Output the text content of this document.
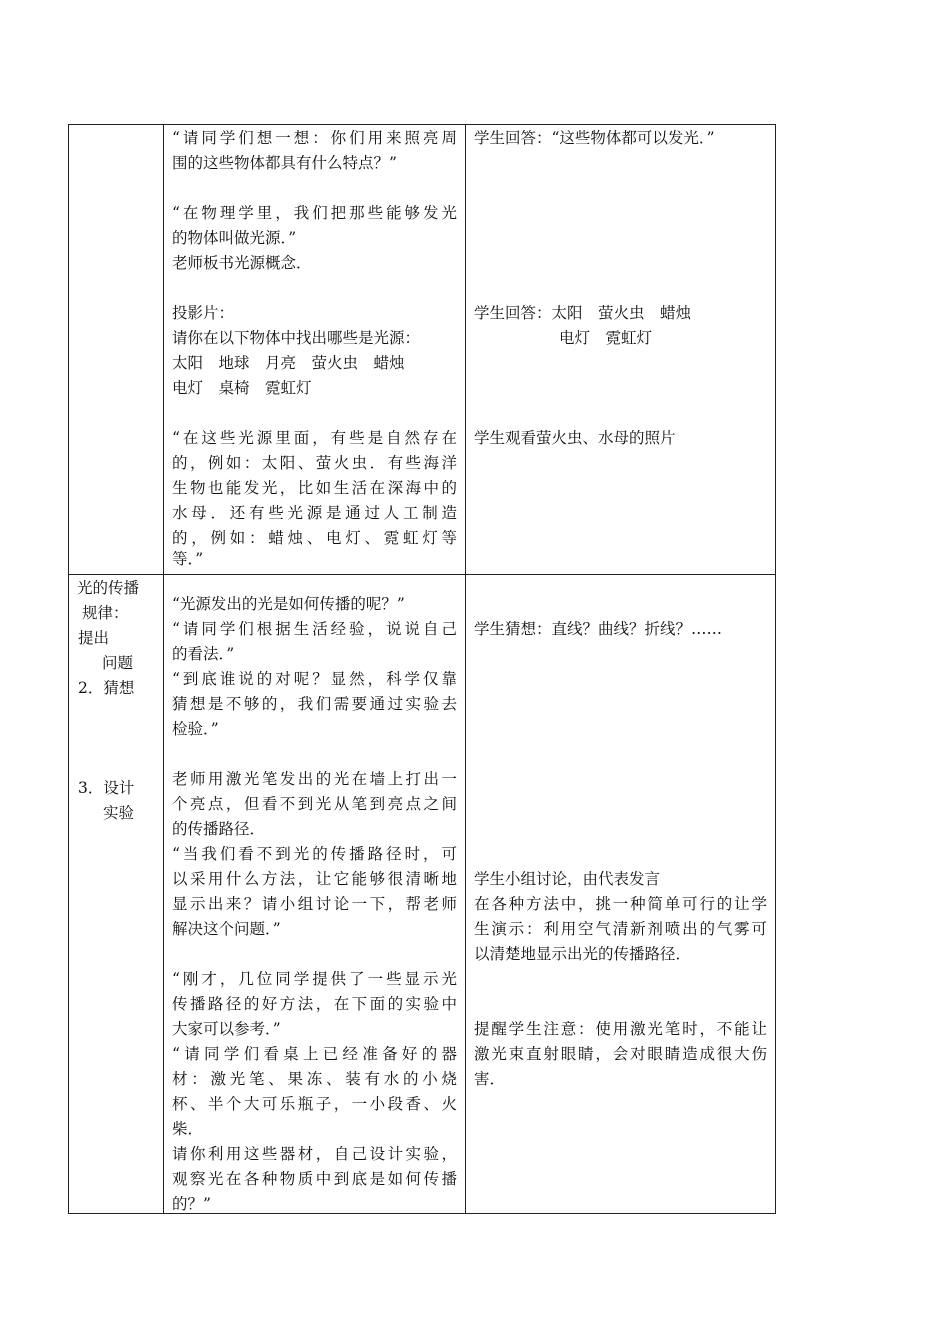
“请同学们想一想：你们用来照亮周
围的这些物体都具有什么特点？”
“在物理学里，我们把那些能够发光
的物体叫做光源．”
老师板书光源概念．
投影片：
请你在以下物体中找出哪些是光源：
太阳　地球　月亮　萤火虫　蜡烛
电灯　桌椅　霓虹灯
“在这些光源里面，有些是自然存在
的，例如：太阳、萤火虫．有些海洋
生物也能发光，比如生活在深海中的
水母．还有些光源是通过人工制造
的，例如：蜡烛、电灯、霓虹灯等
等．”
学生回答：“这些物体都可以发光．”
学生回答：太阳　萤火虫　蜡烛
电灯　霓虹灯
学生观看萤火虫、水母的照片
光的传播
规律：
提出
问题
2．猜想
3．设计
实验
“光源发出的光是如何传播的呢？”
“请同学们根据生活经验，说说自己
的看法．”
“到底谁说的对呢？显然，科学仅靠
猜想是不够的，我们需要通过实验去
检验．”
老师用激光笔发出的光在墙上打出一
个亮点，但看不到光从笔到亮点之间
的传播路径．
“当我们看不到光的传播路径时，可
以采用什么方法，让它能够很清晰地
显示出来？请小组讨论一下，帮老师
解决这个问题．”
“刚才，几位同学提供了一些显示光
传播路径的好方法，在下面的实验中
大家可以参考．”
“请同学们看桌上已经准备好的器
材：激光笔、果冻、装有水的小烧
杯、半个大可乐瓶子，一小段香、火
柴．
请你利用这些器材，自己设计实验，
观察光在各种物质中到底是如何传播
的？”
学生猜想：直线？曲线？折线？……
学生小组讨论，由代表发言
在各种方法中，挑一种简单可行的让学
生演示：利用空气清新剂喷出的气雾可
以清楚地显示出光的传播路径．
提醒学生注意：使用激光笔时，不能让
激光束直射眼睛，会对眼睛造成很大伤
害．
